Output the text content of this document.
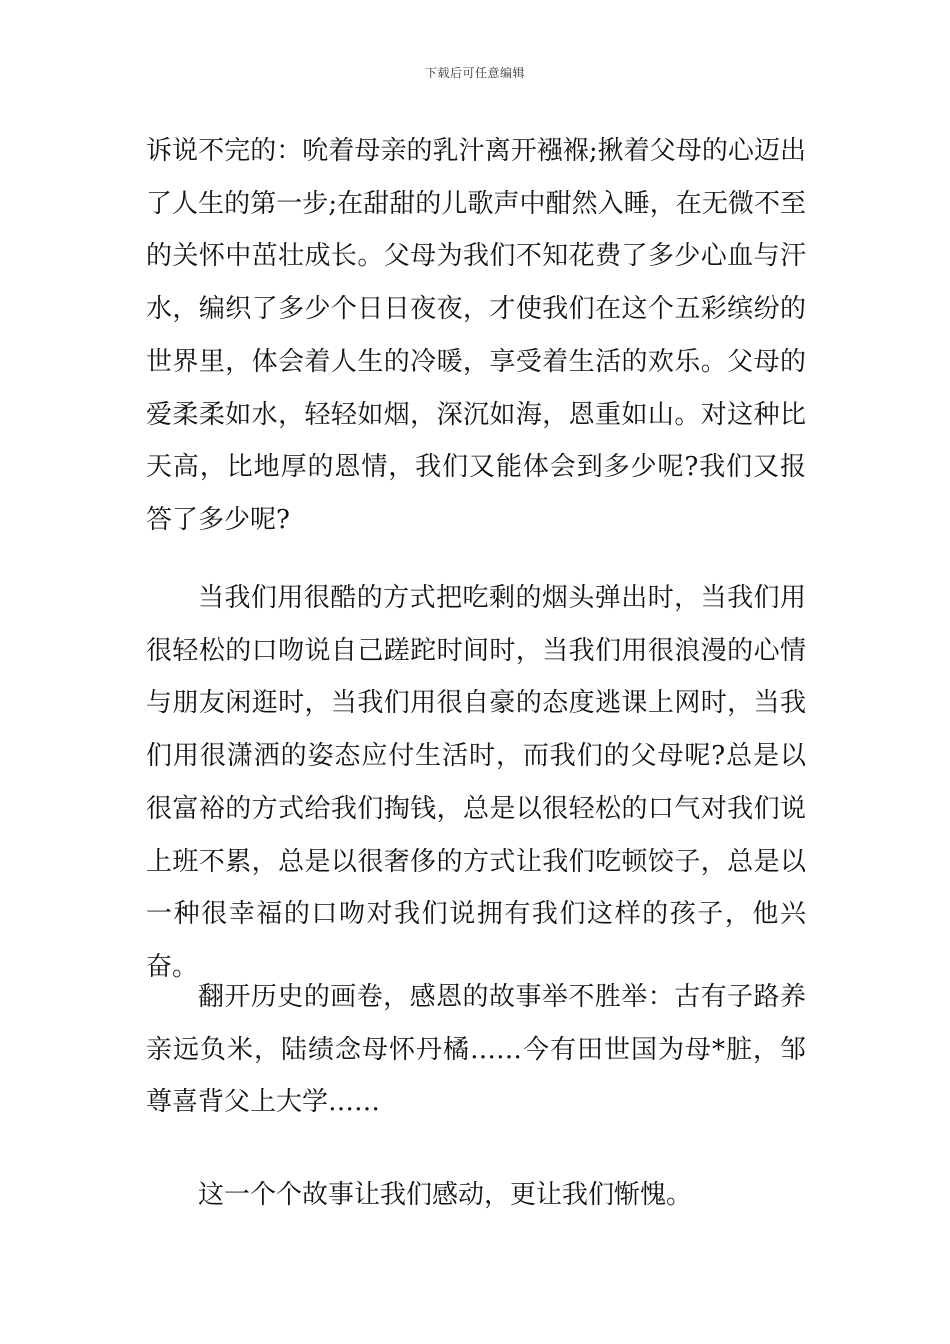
下载后可任意编辑

诉说不完的：吮着母亲的乳汁离开襁褓;揪着父母的心迈出了人生的第一步;在甜甜的儿歌声中酣然入睡，在无微不至的关怀中茁壮成长。父母为我们不知花费了多少心血与汗水，编织了多少个日日夜夜，才使我们在这个五彩缤纷的世界里，体会着人生的冷暖，享受着生活的欢乐。父母的爱柔柔如水，轻轻如烟，深沉如海，恩重如山。对这种比天高，比地厚的恩情，我们又能体会到多少呢?我们又报答了多少呢?

当我们用很酷的方式把吃剩的烟头弹出时，当我们用很轻松的口吻说自己蹉跎时间时，当我们用很浪漫的心情与朋友闲逛时，当我们用很自豪的态度逃课上网时，当我们用很潇洒的姿态应付生活时，而我们的父母呢?总是以很富裕的方式给我们掏钱，总是以很轻松的口气对我们说上班不累，总是以很奢侈的方式让我们吃顿饺子，总是以一种很幸福的口吻对我们说拥有我们这样的孩子，他兴奋。

翻开历史的画卷，感恩的故事举不胜举：古有子路养亲远负米，陆绩念母怀丹橘……今有田世国为母*脏，邹尊喜背父上大学……

这一个个故事让我们感动，更让我们惭愧。
